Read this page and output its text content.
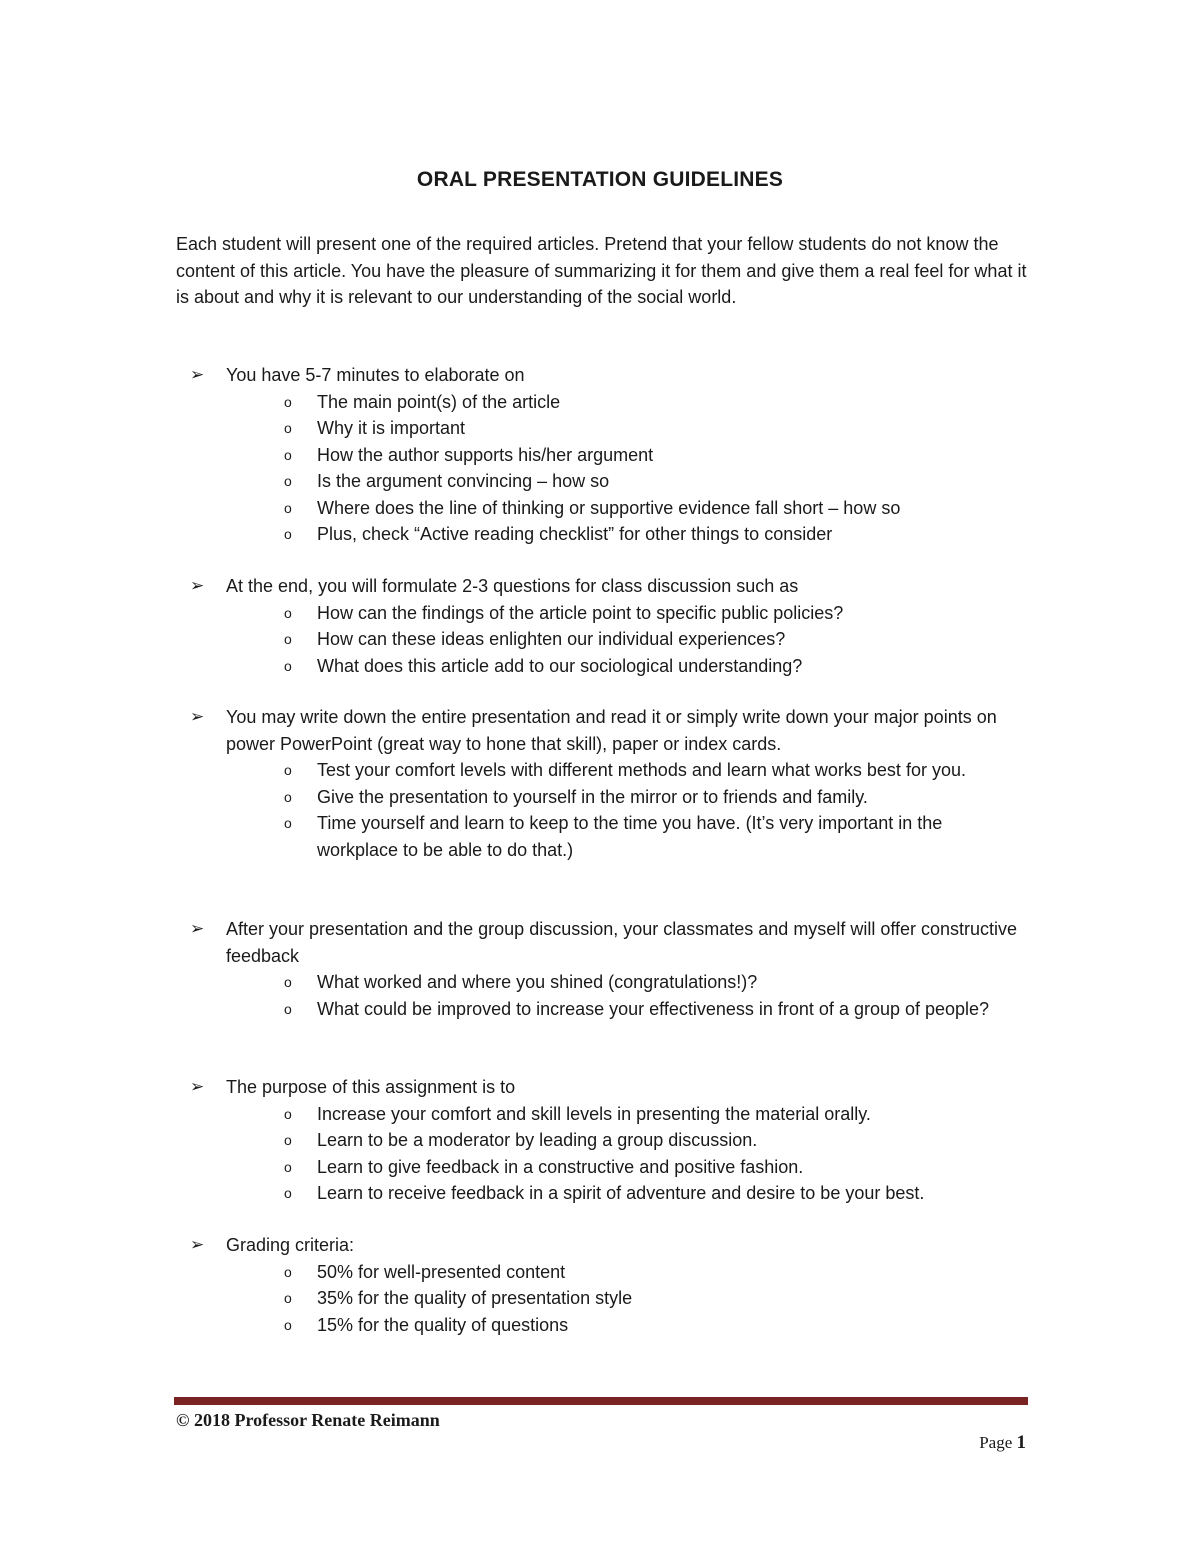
ORAL PRESENTATION GUIDELINES

Each student will present one of the required articles. Pretend that your fellow students do not know the content of this article. You have the pleasure of summarizing it for them and give them a real feel for what it is about and why it is relevant to our understanding of the social world.

➢	You have 5-7 minutes to elaborate on
o The main point(s) of the article
o Why it is important
o How the author supports his/her argument
o Is the argument convincing – how so
o Where does the line of thinking or supportive evidence fall short – how so
o Plus, check “Active reading checklist” for other things to consider
➢	At the end, you will formulate 2-3 questions for class discussion such as
o How can the findings of the article point to specific public policies?
o How can these ideas enlighten our individual experiences?
o What does this article add to our sociological understanding?
➢	You may write down the entire presentation and read it or simply write down your major points on power PowerPoint (great way to hone that skill), paper or index cards.
o Test your comfort levels with different methods and learn what works best for you.
o Give the presentation to yourself in the mirror or to friends and family.
o Time yourself and learn to keep to the time you have. (It’s very important in the workplace to be able to do that.)
➢	After your presentation and the group discussion, your classmates and myself will offer constructive feedback
o What worked and where you shined (congratulations!)?
o What could be improved to increase your effectiveness in front of a group of people?
➢	The purpose of this assignment is to
o Increase your comfort and skill levels in presenting the material orally.
o Learn to be a moderator by leading a group discussion.
o Learn to give feedback in a constructive and positive fashion.
o Learn to receive feedback in a spirit of adventure and desire to be your best.
➢	Grading criteria:
o 50% for well-presented content
o 35% for the quality of presentation style
o 15% for the quality of questions
© 2018 Professor Renate Reimann
Page 1
